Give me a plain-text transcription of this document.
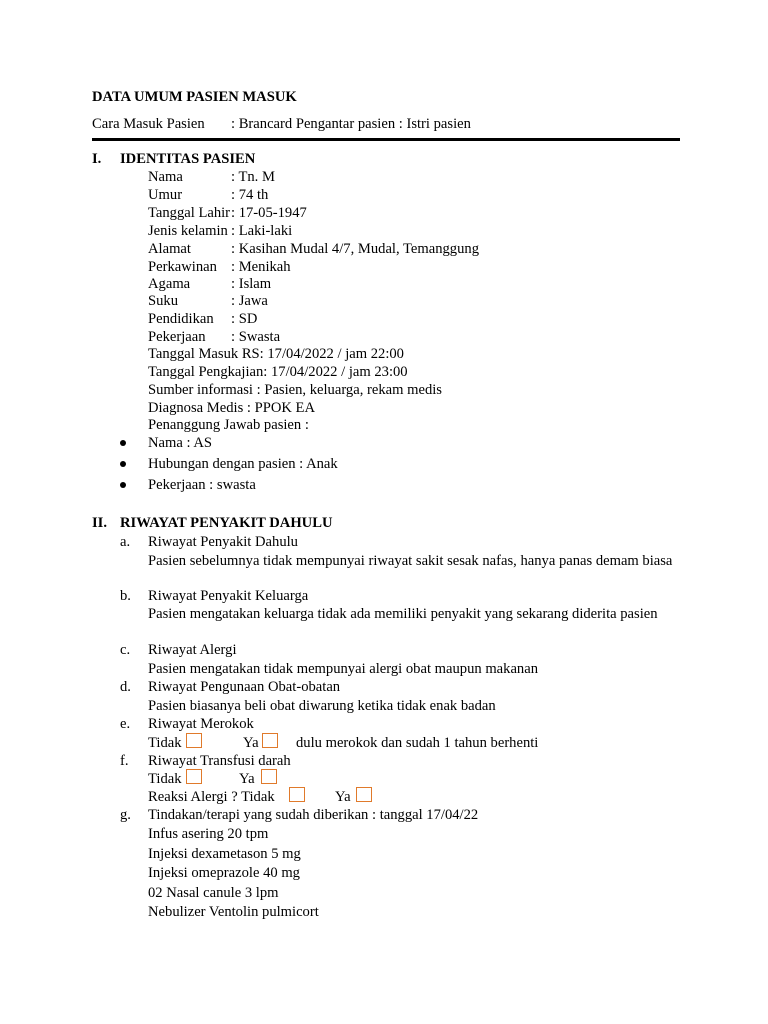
DATA UMUM PASIEN MASUK
Cara Masuk Pasien : Brancard Pengantar pasien : Istri pasien
I. IDENTITAS PASIEN
Nama	: Tn. M
Umur	: 74 th
Tanggal Lahir : 17-05-1947
Jenis kelamin : Laki-laki
Alamat	: Kasihan Mudal 4/7, Mudal, Temanggung
Perkawinan : Menikah
Agama	: Islam
Suku	: Jawa
Pendidikan : SD
Pekerjaan : Swasta
Tanggal Masuk RS: 17/04/2022 / jam 22:00
Tanggal Pengkajian: 17/04/2022 / jam 23:00
Sumber informasi : Pasien, keluarga, rekam medis
Diagnosa Medis : PPOK EA
Penanggung Jawab pasien :
Nama : AS
Hubungan dengan pasien : Anak
Pekerjaan : swasta
II. RIWAYAT PENYAKIT DAHULU
a. Riwayat Penyakit Dahulu
Pasien sebelumnya tidak mempunyai riwayat sakit sesak nafas, hanya panas demam biasa
b. Riwayat Penyakit Keluarga
Pasien mengatakan keluarga tidak ada memiliki penyakit yang sekarang diderita pasien
c. Riwayat Alergi
Pasien mengatakan tidak mempunyai alergi obat maupun makanan
d. Riwayat Pengunaan Obat-obatan
Pasien biasanya beli obat diwarung ketika tidak enak badan
e. Riwayat Merokok
Tidak	Ya	dulu merokok dan sudah 1 tahun berhenti
f. Riwayat Transfusi darah
Tidak	Ya
Reaksi Alergi ? Tidak	Ya
g. Tindakan/terapi yang sudah diberikan : tanggal 17/04/22
Infus asering 20 tpm
Injeksi dexametason 5 mg
Injeksi omeprazole 40 mg
02 Nasal canule 3 lpm
Nebulizer Ventolin pulmicort
